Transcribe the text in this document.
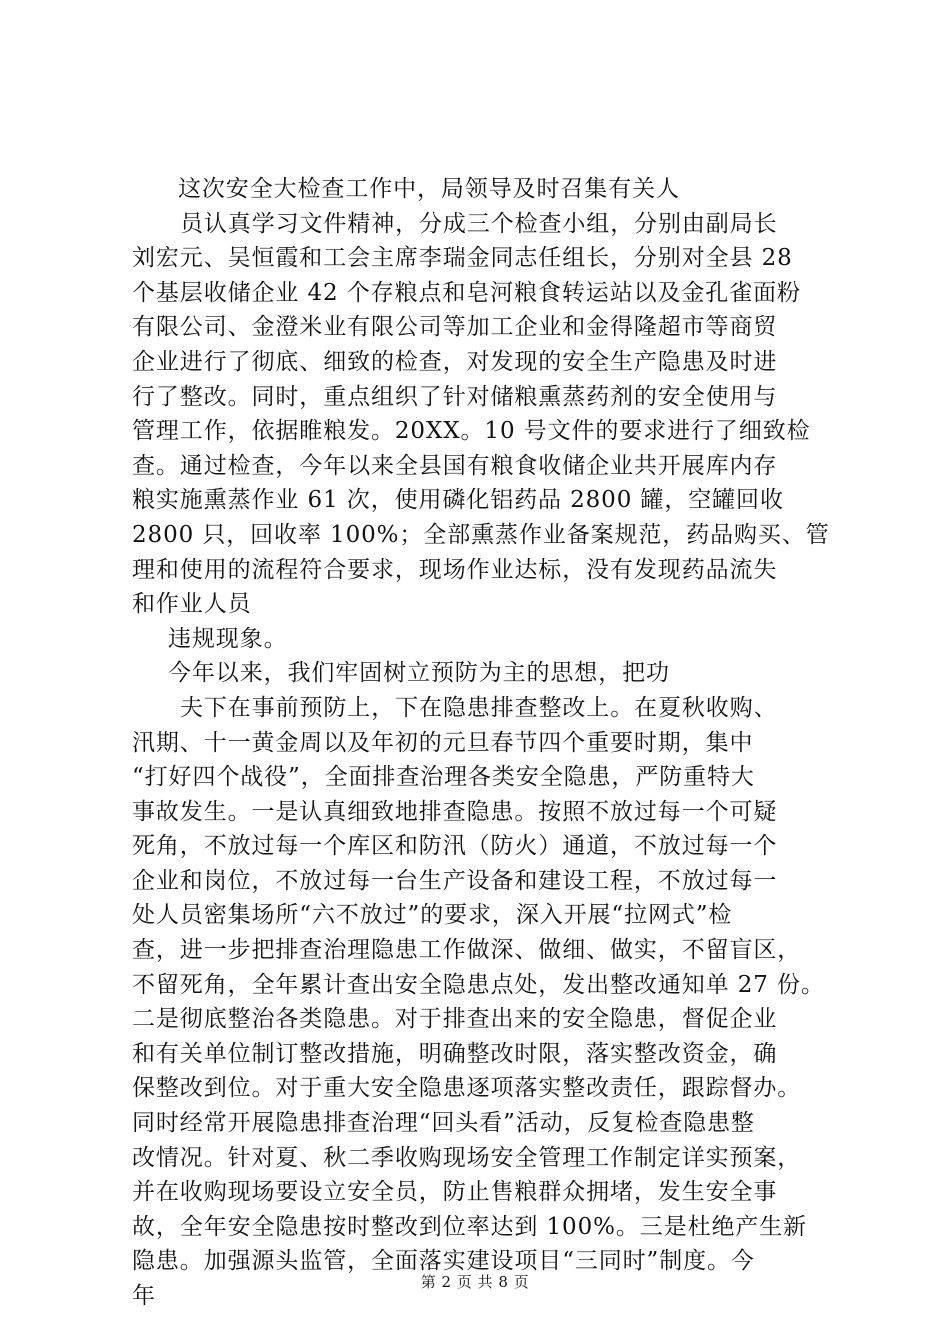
这次安全大检查工作中，局领导及时召集有关人
员认真学习文件精神，分成三个检查小组，分别由副局长
刘宏元、吴恒霞和工会主席李瑞金同志任组长，分别对全县 28
个基层收储企业 42 个存粮点和皂河粮食转运站以及金孔雀面粉
有限公司、金澄米业有限公司等加工企业和金得隆超市等商贸
企业进行了彻底、细致的检查，对发现的安全生产隐患及时进
行了整改。同时，重点组织了针对储粮熏蒸药剂的安全使用与
管理工作，依据睢粮发。20XX。10 号文件的要求进行了细致检
查。通过检查，今年以来全县国有粮食收储企业共开展库内存
粮实施熏蒸作业 61 次，使用磷化铝药品 2800 罐，空罐回收
2800 只，回收率 100%；全部熏蒸作业备案规范，药品购买、管
理和使用的流程符合要求，现场作业达标，没有发现药品流失
和作业人员
违规现象。
今年以来，我们牢固树立预防为主的思想，把功
夫下在事前预防上，下在隐患排查整改上。在夏秋收购、
汛期、十一黄金周以及年初的元旦春节四个重要时期，集中
“打好四个战役”，全面排查治理各类安全隐患，严防重特大
事故发生。一是认真细致地排查隐患。按照不放过每一个可疑
死角，不放过每一个库区和防汛（防火）通道，不放过每一个
企业和岗位，不放过每一台生产设备和建设工程，不放过每一
处人员密集场所“六不放过”的要求，深入开展“拉网式”检
查，进一步把排查治理隐患工作做深、做细、做实，不留盲区，
不留死角，全年累计查出安全隐患点处，发出整改通知单 27 份。
二是彻底整治各类隐患。对于排查出来的安全隐患，督促企业
和有关单位制订整改措施，明确整改时限，落实整改资金，确
保整改到位。对于重大安全隐患逐项落实整改责任，跟踪督办。
同时经常开展隐患排查治理“回头看”活动，反复检查隐患整
改情况。针对夏、秋二季收购现场安全管理工作制定详实预案，
并在收购现场要设立安全员，防止售粮群众拥堵，发生安全事
故，全年安全隐患按时整改到位率达到 100%。三是杜绝产生新
隐患。加强源头监管，全面落实建设项目“三同时”制度。今
年
第 2 页 共 8 页
